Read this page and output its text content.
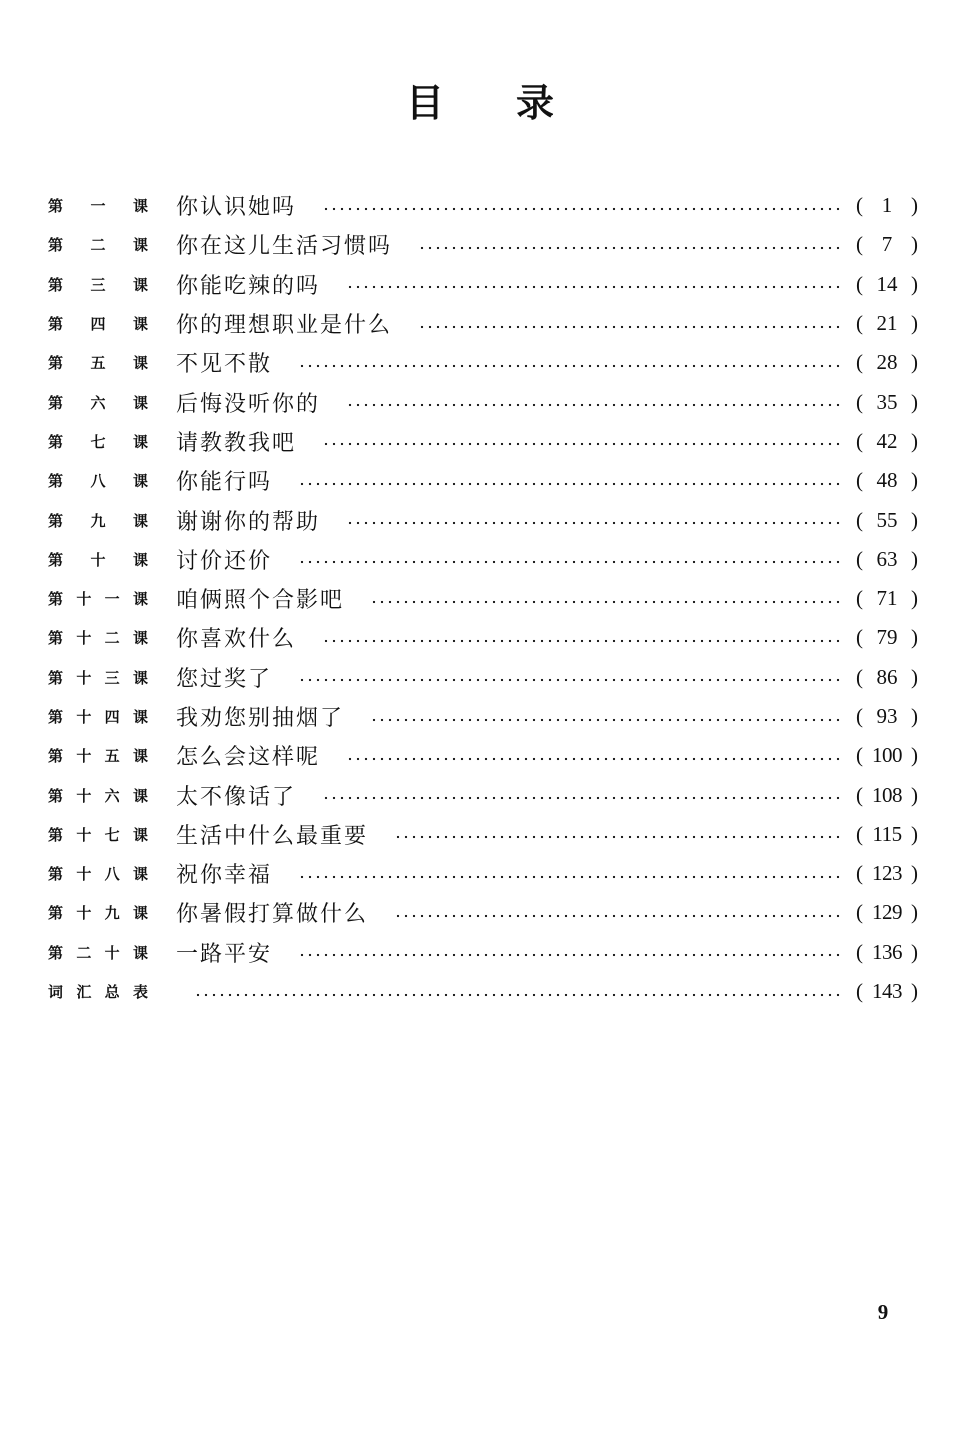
目 录
第 一 课 你认识她吗	( 1 )
第 二 课 你在这儿生活习惯吗	( 7 )
第 三 课 你能吃辣的吗	( 14 )
第 四 课 你的理想职业是什么	( 21 )
第 五 课 不见不散	( 28 )
第 六 课 后悔没听你的	( 35 )
第 七 课 请教教我吧	( 42 )
第 八 课 你能行吗	( 48 )
第 九 课 谢谢你的帮助	( 55 )
第 十 课 讨价还价	( 63 )
第 十 一 课 咱俩照个合影吧	( 71 )
第 十 二 课 你喜欢什么	( 79 )
第 十 三 课 您过奖了	( 86 )
第 十 四 课 我劝您别抽烟了	( 93 )
第 十 五 课 怎么会这样呢	( 100 )
第 十 六 课 太不像话了	( 108 )
第 十 七 课 生活中什么最重要	( 115 )
第 十 八 课 祝你幸福	( 123 )
第 十 九 课 你暑假打算做什么	( 129 )
第 二 十 课 一路平安	( 136 )
词 汇 总 表	( 143 )
9
